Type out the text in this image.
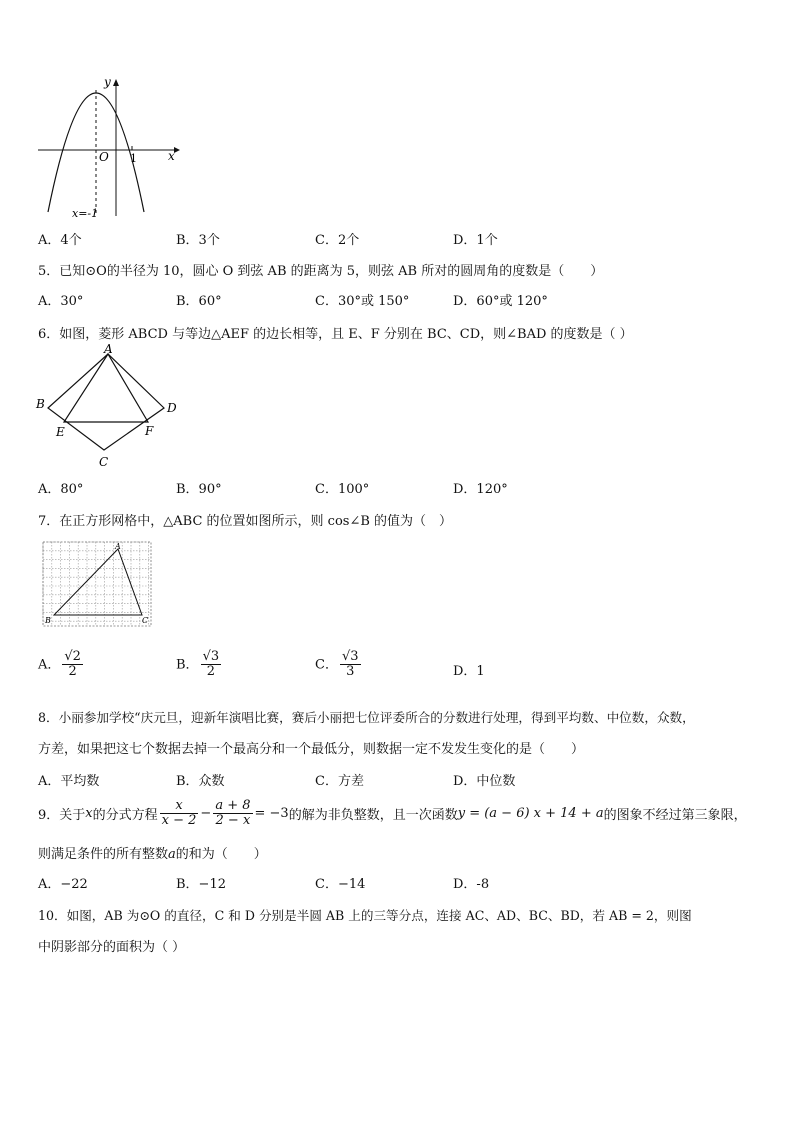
y
x
O 1
x=-1
A．4个	B．3个	C．2个	D．1个
5．已知⊙O的半径为 10，圆心 O 到弦 AB 的距离为 5，则弦 AB 所对的圆周角的度数是（　　）
A．30°	B．60°	C．30°或 150°	D．60°或 120°
6．如图，菱形 ABCD 与等边△AEF 的边长相等，且 E、F 分别在 BC、CD，则∠BAD 的度数是（ ）
A
B
C
D
E	F
A．80°	B．90°	C．100°	D．120°
7．在正方形网格中，△ABC 的位置如图所示，则 cos∠B 的值为（　）
A
B	C
A． $\frac{√2}{2}$	B． $\frac{√3}{2}$	C． $\frac{√3}{3}$	D．1
8．小丽参加学校“庆元旦，迎新年演唱比赛，赛后小丽把七位评委所合的分数进行处理，得到平均数、中位数，众数，
方差，如果把这七个数据去掉一个最高分和一个最低分，则数据一定不发发生变化的是（　　）
A．平均数	B．众数	C．方差	D．中位数
9．关于 x 的分式方程 $\frac{x}{x - 2} - \frac{a + 8}{2 - x} = -3$ 的解为非负整数，且一次函数 y = (a − 6) x + 14 + a 的图象不经过第三象限，
则满足条件的所有整数a的和为（　　）
A．−22	B．−12	C．−14	D．-8
10．如图，AB 为⊙O 的直径，C 和 D 分别是半圆 AB 上的三等分点，连接 AC、AD、BC、BD，若 AB = 2，则图
中阴影部分的面积为（ ）
